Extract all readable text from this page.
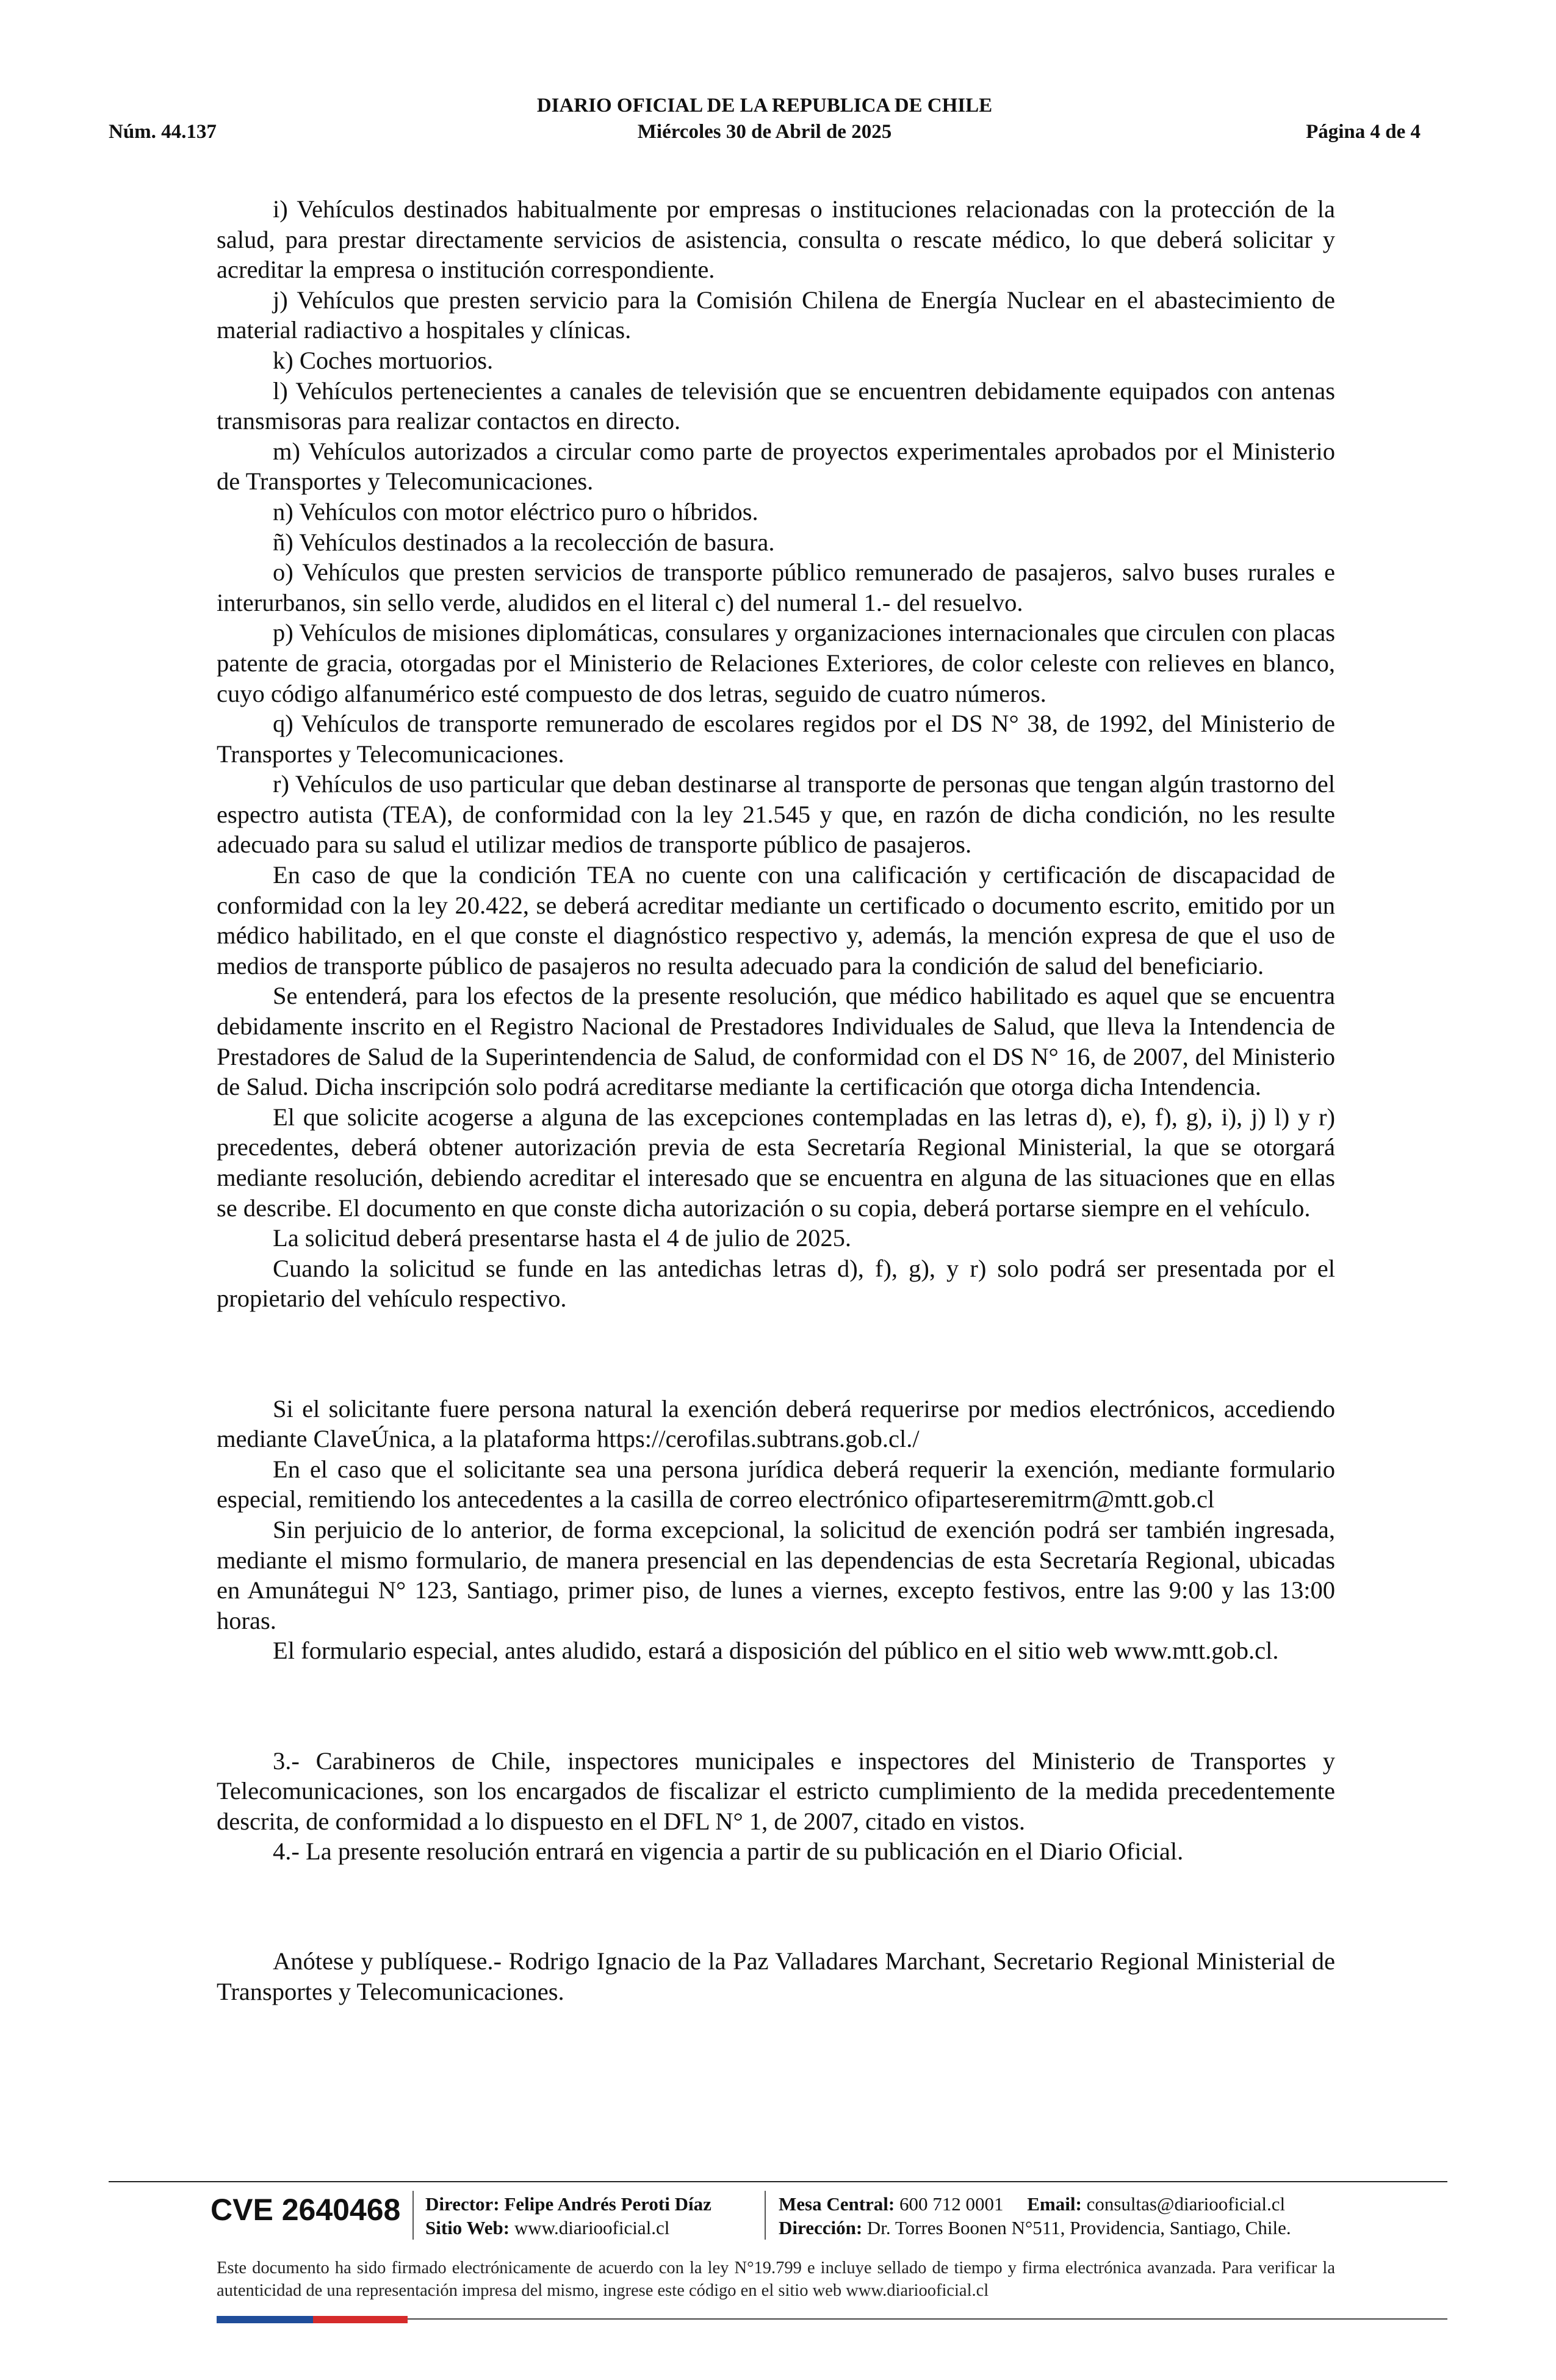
DIARIO OFICIAL DE LA REPUBLICA DE CHILE
Núm. 44.137	Miércoles 30 de Abril de 2025	Página 4 de 4

i) Vehículos destinados habitualmente por empresas o instituciones relacionadas con la protección de la salud, para prestar directamente servicios de asistencia, consulta o rescate médico, lo que deberá solicitar y acreditar la empresa o institución correspondiente.

j) Vehículos que presten servicio para la Comisión Chilena de Energía Nuclear en el abastecimiento de material radiactivo a hospitales y clínicas.

k) Coches mortuorios.

l) Vehículos pertenecientes a canales de televisión que se encuentren debidamente equipados con antenas transmisoras para realizar contactos en directo.

m) Vehículos autorizados a circular como parte de proyectos experimentales aprobados por el Ministerio de Transportes y Telecomunicaciones.

n) Vehículos con motor eléctrico puro o híbridos.

ñ) Vehículos destinados a la recolección de basura.

o) Vehículos que presten servicios de transporte público remunerado de pasajeros, salvo buses rurales e interurbanos, sin sello verde, aludidos en el literal c) del numeral 1.- del resuelvo.

p) Vehículos de misiones diplomáticas, consulares y organizaciones internacionales que circulen con placas patente de gracia, otorgadas por el Ministerio de Relaciones Exteriores, de color celeste con relieves en blanco, cuyo código alfanumérico esté compuesto de dos letras, seguido de cuatro números.

q) Vehículos de transporte remunerado de escolares regidos por el DS N° 38, de 1992, del Ministerio de Transportes y Telecomunicaciones.

r) Vehículos de uso particular que deban destinarse al transporte de personas que tengan algún trastorno del espectro autista (TEA), de conformidad con la ley 21.545 y que, en razón de dicha condición, no les resulte adecuado para su salud el utilizar medios de transporte público de pasajeros.

En caso de que la condición TEA no cuente con una calificación y certificación de discapacidad de conformidad con la ley 20.422, se deberá acreditar mediante un certificado o documento escrito, emitido por un médico habilitado, en el que conste el diagnóstico respectivo y, además, la mención expresa de que el uso de medios de transporte público de pasajeros no resulta adecuado para la condición de salud del beneficiario.

Se entenderá, para los efectos de la presente resolución, que médico habilitado es aquel que se encuentra debidamente inscrito en el Registro Nacional de Prestadores Individuales de Salud, que lleva la Intendencia de Prestadores de Salud de la Superintendencia de Salud, de conformidad con el DS N° 16, de 2007, del Ministerio de Salud. Dicha inscripción solo podrá acreditarse mediante la certificación que otorga dicha Intendencia.

El que solicite acogerse a alguna de las excepciones contempladas en las letras d), e), f), g), i), j) l) y r) precedentes, deberá obtener autorización previa de esta Secretaría Regional Ministerial, la que se otorgará mediante resolución, debiendo acreditar el interesado que se encuentra en alguna de las situaciones que en ellas se describe. El documento en que conste dicha autorización o su copia, deberá portarse siempre en el vehículo.

La solicitud deberá presentarse hasta el 4 de julio de 2025.

Cuando la solicitud se funde en las antedichas letras d), f), g), y r) solo podrá ser presentada por el propietario del vehículo respectivo.

Si el solicitante fuere persona natural la exención deberá requerirse por medios electrónicos, accediendo mediante ClaveÚnica, a la plataforma https://cerofilas.subtrans.gob.cl./

En el caso que el solicitante sea una persona jurídica deberá requerir la exención, mediante formulario especial, remitiendo los antecedentes a la casilla de correo electrónico ofiparteseremitrm@mtt.gob.cl

Sin perjuicio de lo anterior, de forma excepcional, la solicitud de exención podrá ser también ingresada, mediante el mismo formulario, de manera presencial en las dependencias de esta Secretaría Regional, ubicadas en Amunátegui N° 123, Santiago, primer piso, de lunes a viernes, excepto festivos, entre las 9:00 y las 13:00 horas.

El formulario especial, antes aludido, estará a disposición del público en el sitio web www.mtt.gob.cl.

3.- Carabineros de Chile, inspectores municipales e inspectores del Ministerio de Transportes y Telecomunicaciones, son los encargados de fiscalizar el estricto cumplimiento de la medida precedentemente descrita, de conformidad a lo dispuesto en el DFL N° 1, de 2007, citado en vistos.

4.- La presente resolución entrará en vigencia a partir de su publicación en el Diario Oficial.

Anótese y publíquese.- Rodrigo Ignacio de la Paz Valladares Marchant, Secretario Regional Ministerial de Transportes y Telecomunicaciones.

CVE 2640468 Director: Felipe Andrés Peroti Díaz
Sitio Web: www.diariooficial.cl
Mesa Central: 600 712 0001 Email: consultas@diariooficial.cl
Dirección: Dr. Torres Boonen N°511, Providencia, Santiago, Chile.
Este documento ha sido firmado electrónicamente de acuerdo con la ley N°19.799 e incluye sellado de tiempo y firma electrónica avanzada. Para verificar la autenticidad de una representación impresa del mismo, ingrese este código en el sitio web www.diariooficial.cl
